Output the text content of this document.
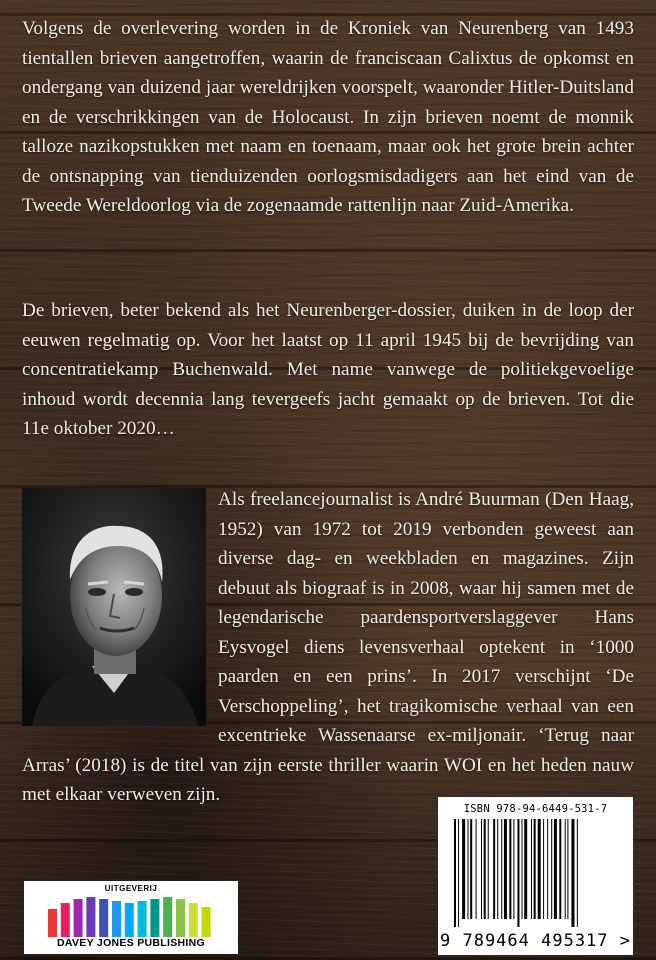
Volgens de overlevering worden in de Kroniek van Neurenberg van 1493 tientallen brieven aangetroffen, waarin de franciscaan Calixtus de opkomst en ondergang van duizend jaar wereldrijken voorspelt, waaronder Hitler-Duitsland en de verschrikkingen van de Holocaust. In zijn brieven noemt de monnik talloze nazikopstukken met naam en toenaam, maar ook het grote brein achter de ontsnapping van tienduizenden oorlogsmisdadigers aan het eind van de Tweede Wereldoorlog via de zogenaamde rattenlijn naar Zuid-Amerika.
De brieven, beter bekend als het Neurenberger-dossier, duiken in de loop der eeuwen regelmatig op. Voor het laatst op 11 april 1945 bij de bevrijding van concentratiekamp Buchenwald. Met name vanwege de politiekgevoelige inhoud wordt decennia lang tevergeefs jacht gemaakt op de brieven. Tot die 11e oktober 2020…
Als freelancejournalist is André Buurman (Den Haag, 1952) van 1972 tot 2019 verbonden geweest aan diverse dag- en weekbladen en magazines. Zijn debuut als biograaf is in 2008, waar hij samen met de legendarische paardensportverslaggever Hans Eysvogel diens levensverhaal optekent in ‘1000 paarden en een prins’. In 2017 verschijnt ‘De Verschoppeling’, het tragikomische verhaal van een excentrieke Wassenaarse ex-miljonair. ‘Terug naar Arras’ (2018) is de titel van zijn eerste thriller waarin WOI en het heden nauw met elkaar verweven zijn.
ISBN 978-94-6449-531-7
9 789464 495317 >
UITGEVERIJ
DAVEY JONES PUBLISHING
